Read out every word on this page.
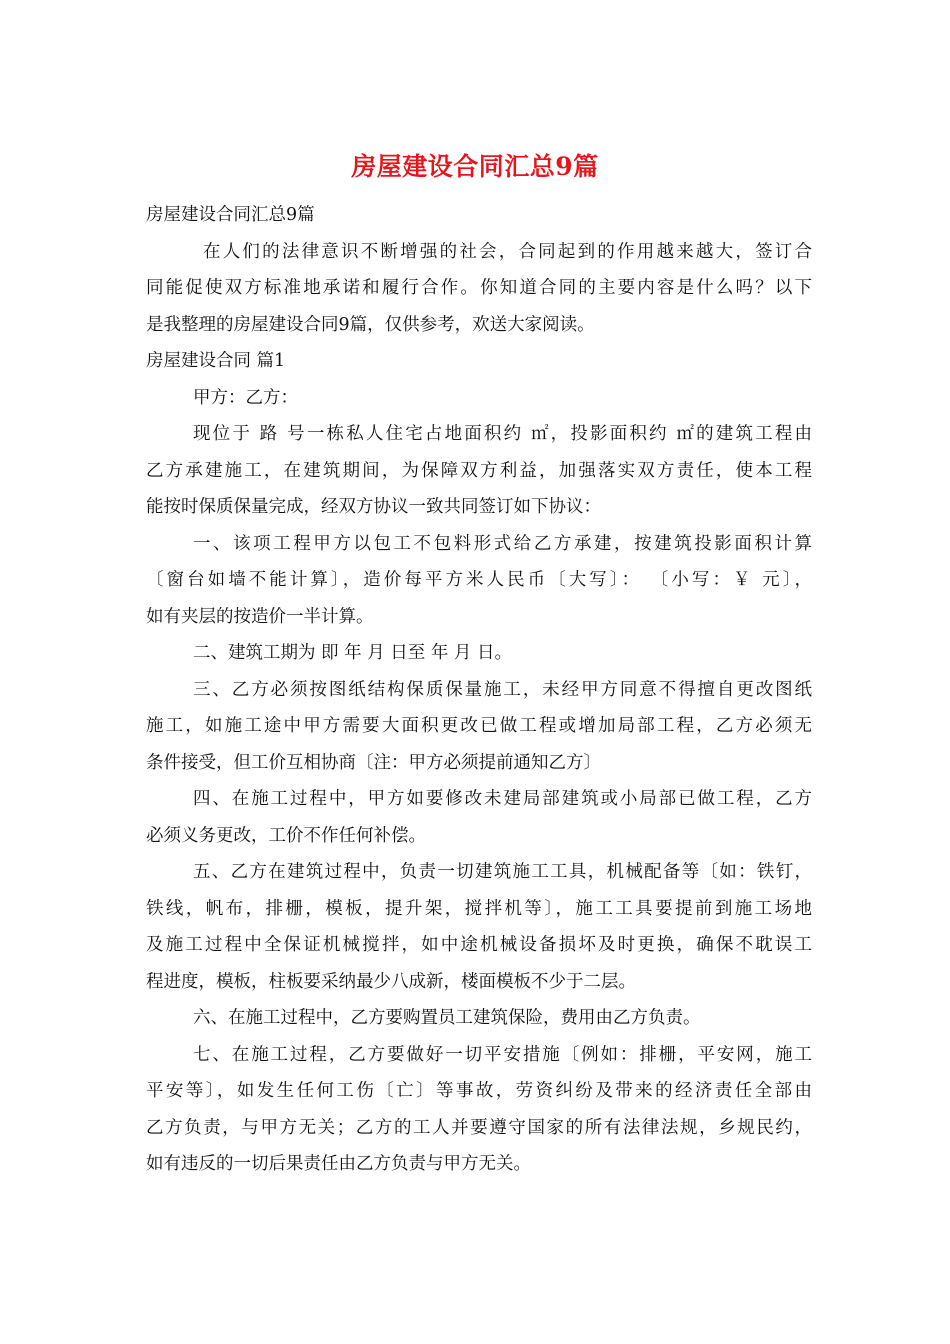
房屋建设合同汇总9篇
房屋建设合同汇总9篇
在人们的法律意识不断增强的社会，合同起到的作用越来越大，签订合
同能促使双方标准地承诺和履行合作。你知道合同的主要内容是什么吗？以下
是我整理的房屋建设合同9篇，仅供参考，欢送大家阅读。
房屋建设合同 篇1
甲方：乙方：
现位于 路 号一栋私人住宅占地面积约 ㎡，投影面积约 ㎡的建筑工程由
乙方承建施工，在建筑期间，为保障双方利益，加强落实双方责任，使本工程
能按时保质保量完成，经双方协议一致共同签订如下协议：
一、该项工程甲方以包工不包料形式给乙方承建，按建筑投影面积计算
〔窗台如墙不能计算〕，造价每平方米人民币〔大写〕： 〔小写：￥ 元〕，
如有夹层的按造价一半计算。
二、建筑工期为 即 年 月 日至 年 月 日。
三、乙方必须按图纸结构保质保量施工，未经甲方同意不得擅自更改图纸
施工，如施工途中甲方需要大面积更改已做工程或增加局部工程，乙方必须无
条件接受，但工价互相协商〔注：甲方必须提前通知乙方〕
四、在施工过程中，甲方如要修改未建局部建筑或小局部已做工程，乙方
必须义务更改，工价不作任何补偿。
五、乙方在建筑过程中，负责一切建筑施工工具，机械配备等〔如：铁钉，
铁线，帆布，排栅，模板，提升架，搅拌机等〕，施工工具要提前到施工场地
及施工过程中全保证机械搅拌，如中途机械设备损坏及时更换，确保不耽误工
程进度，模板，柱板要采纳最少八成新，楼面模板不少于二层。
六、在施工过程中，乙方要购置员工建筑保险，费用由乙方负责。
七、在施工过程，乙方要做好一切平安措施〔例如：排栅，平安网，施工
平安等〕，如发生任何工伤〔亡〕等事故，劳资纠纷及带来的经济责任全部由
乙方负责，与甲方无关；乙方的工人并要遵守国家的所有法律法规，乡规民约，
如有违反的一切后果责任由乙方负责与甲方无关。
